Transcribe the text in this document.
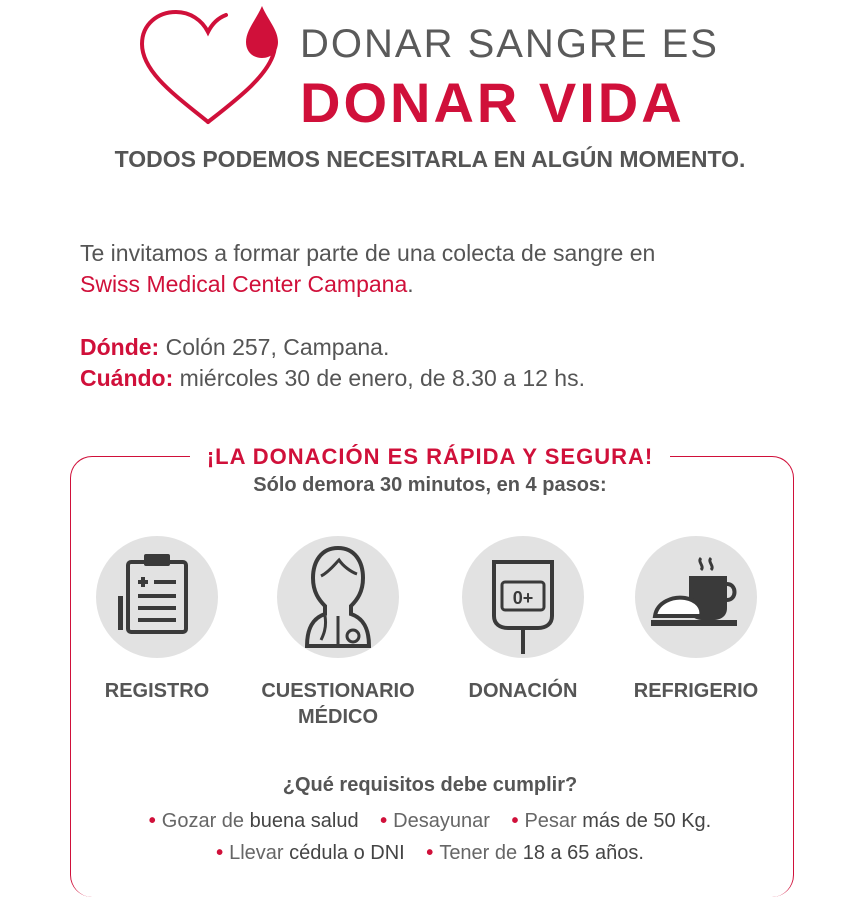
DONAR SANGRE ES
DONAR VIDA
TODOS PODEMOS NECESITARLA EN ALGÚN MOMENTO.
Te invitamos a formar parte de una colecta de sangre en
Swiss Medical Center Campana.
Dónde: Colón 257, Campana.
Cuándo: miércoles 30 de enero, de 8.30 a 12 hs.
¡LA DONACIÓN ES RÁPIDA Y SEGURA!
Sólo demora 30 minutos, en 4 pasos:
REGISTRO	CUESTIONARIO
MÉDICO
0+
DONACIÓN	REFRIGERIO
¿Qué requisitos debe cumplir?
• Gozar de buena salud • Desayunar • Pesar más de 50 Kg.
• Llevar cédula o DNI • Tener de 18 a 65 años.
